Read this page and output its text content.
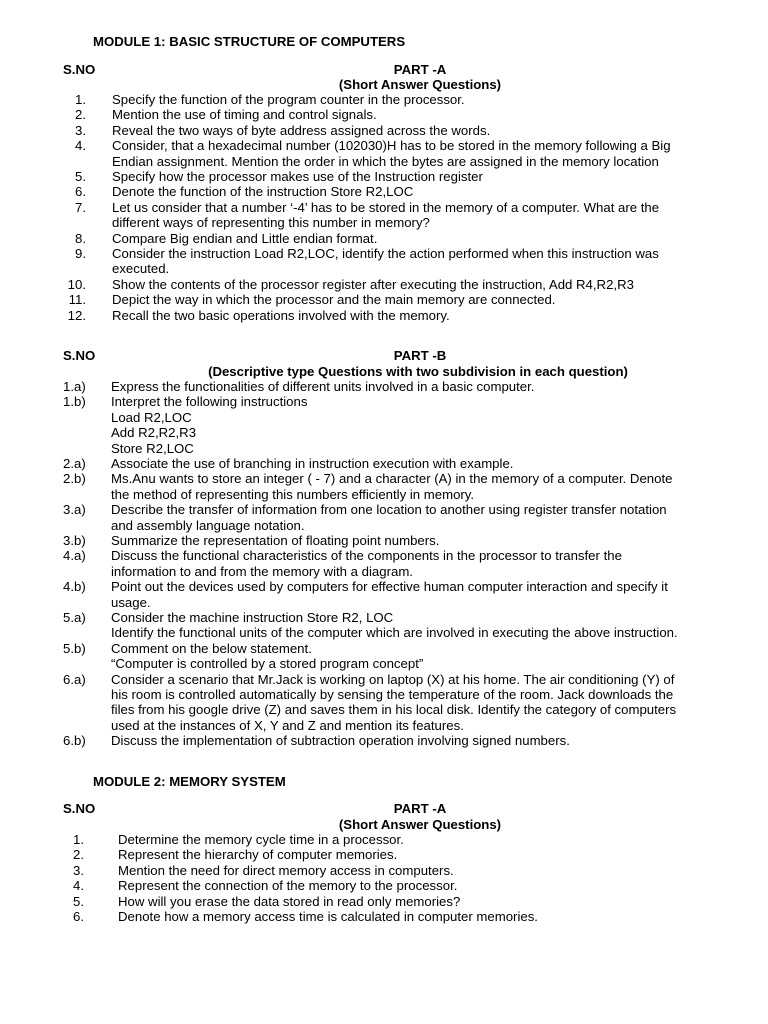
MODULE 1: BASIC STRUCTURE OF COMPUTERS
S.NO	PART -A
(Short Answer Questions)
1. Specify the function of the program counter in the processor.
2. Mention the use of timing and control signals.
3. Reveal the two ways of byte address assigned across the words.
4. Consider, that a hexadecimal number (102030)H has to be stored in the memory following a Big
Endian assignment. Mention the order in which the bytes are assigned in the memory location
5. Specify how the processor makes use of the Instruction register
6. Denote the function of the instruction Store R2,LOC
7. Let us consider that a number ‘-4’ has to be stored in the memory of a computer. What are the
different ways of representing this number in memory?
8. Compare Big endian and Little endian format.
9. Consider the instruction Load R2,LOC, identify the action performed when this instruction was
executed.
10. Show the contents of the processor register after executing the instruction, Add R4,R2,R3
11. Depict the way in which the processor and the main memory are connected.
12. Recall the two basic operations involved with the memory.
S.NO	PART -B
(Descriptive type Questions with two subdivision in each question)
1.a)	Express the functionalities of different units involved in a basic computer.
1.b)	Interpret the following instructions
Load R2,LOC
Add R2,R2,R3
Store R2,LOC
2.a)	Associate the use of branching in instruction execution with example.
2.b)	Ms.Anu wants to store an integer ( - 7) and a character (A) in the memory of a computer. Denote
the method of representing this numbers efficiently in memory.
3.a)	Describe the transfer of information from one location to another using register transfer notation
and assembly language notation.
3.b)	Summarize the representation of floating point numbers.
4.a)	Discuss the functional characteristics of the components in the processor to transfer the
information to and from the memory with a diagram.
4.b)	Point out the devices used by computers for effective human computer interaction and specify it
usage.
5.a)	Consider the machine instruction Store R2, LOC
Identify the functional units of the computer which are involved in executing the above instruction.
5.b)	Comment on the below statement.
“Computer is controlled by a stored program concept”
6.a)	Consider a scenario that Mr.Jack is working on laptop (X) at his home. The air conditioning (Y) of
his room is controlled automatically by sensing the temperature of the room. Jack downloads the
files from his google drive (Z) and saves them in his local disk. Identify the category of computers
used at the instances of X, Y and Z and mention its features.
6.b)	Discuss the implementation of subtraction operation involving signed numbers.
MODULE 2: MEMORY SYSTEM
S.NO	PART -A
(Short Answer Questions)
1.	Determine the memory cycle time in a processor.
2.	Represent the hierarchy of computer memories.
3.	Mention the need for direct memory access in computers.
4.	Represent the connection of the memory to the processor.
5.	How will you erase the data stored in read only memories?
6.	Denote how a memory access time is calculated in computer memories.
